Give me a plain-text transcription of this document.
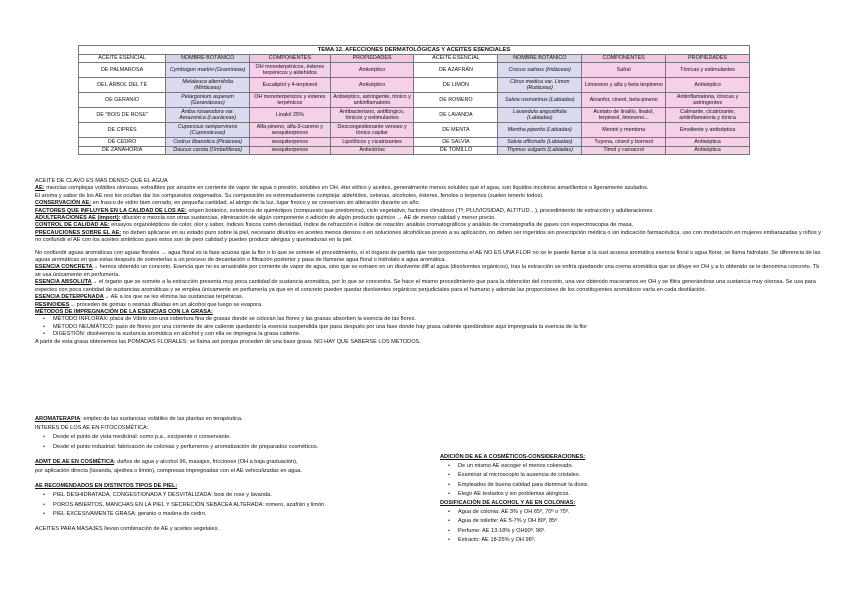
TEMA 12. AFECCIONES DERMATOLÓGICAS Y ACEITES ESENCIALES							
ACEITE ESENCIAL	NOMBRE BOTÁNICO	COMPONENTES	PROPIEDADES	ACEITE ESENCIAL	NOMBRE BOTÁNICO	COMPONENTES	PROPIEDADES
DE PALMAROSA	Cymbogon martini (Gramíneas)	OH monoterpénicos, ésteres terpénicos y aldehídos	Antiséptico	DE AZAFRÁN	Crocus sativus (Iridáceas)	Safral	Tónicas y estimulantes
DEL ÁRBOL DEL TÉ	Melaleuca alternifolia (Mirtáceas)	Eucaliptol y 4-terpineol	Antiséptico	DE LIMÓN	Citrus medica var. Limon (Rutáceas)	Limoneno y alfa y beta terpineno	Antiséptico
DE GERANIO	Pelargonium asperum (Geraniáceas)	OH monoterpénicos y ésteres terpénicos	Antiséptico, astringente, tónico y antiinflamatorio	DE ROMERO	Salvia rosmarinus (Labiadas)	Alcanfor, cineol, beta-pineno	Antiinflamatoria, tónicas y astringentes
DE "BOIS DE ROSE"	Aniba rosaeodora var. Amazonica (Lauráceas)	Linalol 25%	Antibacteriano, antifúngico, tónicos y estimulantes	DE LAVANDA	Lavandula angustifolia (Labiadas)	Acetato de linalilo, linalol, terpineol, limoneno...	Calmante, cicatrizante, antiinflamatoria y tónica
DE CIPRÉS	Cupressus sempervirens (Cupresáceas)	Alfa-pineno, alfa-3-careno y sesquiterpenos	Descongestionante venoso y tónico capilar	DE MENTA	Mentha piperita (Labiadas)	Mentol y mentona	Emoliente y antiséptica
DE CEDRO	Cedrus libanotica (Pináceas)	sesquiterpenos	Lipolíticos y cicatrizantes	DE SALVIA	Salvia officinalis (Labiadas)	Tuyona, cineol y borneol	Antiséptica
DE ZANAHORIA	Daucus carota (Umbelíferas)	sesquiterpenos	Antiestrías	DE TOMILLO	Thymus vulgaris (Labiadas)	Timol y carvacrol	Antiséptica

ACEITE DE CLAVO ES MÁS DENSO QUE EL AGUA

AE: mezclas complejas volátiles olorosas, extraíbles por arrastre en corriente de vapor de agua o presión, solubles en OH, éter etílico y aceites, generalmente menos solubles que el agua, son líquidos incoloros amarillentos o ligeramente azulados.

El aroma y sabor de los AE nos los ocultan dar los compuestos oxigenados. Su composición es extremadamente compleja: aldehídos, cetonas, alcoholes, ésteres, fenoles o terpenos (suelen tenerlo todos).

CONSERVACIÓN AE: en frasco de vidrio bien cerrado, en pequeña cantidad, al abrigo de la luz, lugar fresco y se conservan sin alteración durante un año.

FACTORES QUE INFLUYEN EN LA CALIDAD DE LOS AE: origen botánico, existencia de quimiotipos (compuesto que predomina), ciclo vegetativo, factores climáticos (Tª, PLUVIOSIDAD, ALTITUD…), procedimiento de extracción y adulteraciones.

ADULTERACIONES AE (import): dilución o mezcla con otras sustancias, eliminación de algún componente o adición de algún producto químico → AE de menor calidad y menor precio.

CONTROL DE CALIDAD AE: ensayos organolépticos de color, olor y sabor, índices físicos como densidad, índice de refracción e índice de rotación; análisis cromatográficos y análisis de cromatografía de gases con espectroscopia de masa.

PRECAUCIONES SOBRE EL AE: no deben aplicarse en su estado puro sobre la piel, necesario diluirlos en aceites menos densos o en soluciones alcohólicas previo a su aplicación, no deben ser ingeridos sin prescripción médica o sin indicación farmacéutica, uso con moderación en mujeres embarazadas y niños y no confundir el AE con los aceites sintéticos pues estos son de peor calidad y pueden producir alergias y quemaduras en la piel.

No confundir aguas aromáticas con aguas florales → agua floral es la fase acuosa que la flor o lo que se somete el procedimiento, si el órgano de partida que nos proporciona el AE NO ES UNA FLOR no se le puede llamar a la sust acuosa aromática esencia floral o agua florar, se llama hidrolato. Se diferencia de las aguas aromáticas en que estas después de someterlas a un proceso de decantación o filtración posterior y pasa de llamarse agua floral o hidrolato a agua aromática.

ESENCIA CONCRETA→ hemos obtenido un concreto. Esencia que no es arrastrable por corriente de vapor de agua, sino que se extraen en un disolvente diff al agua (disolventes orgánicos), tras la extracción se enfría quedando una crema aromática que se diluye en OH y a lo obtenido se le denomina concreto. Tb se usa únicamente en perfumería.

ESENCIA ABSOLUTA→ el órgano que se somete a la extracción presenta muy poca cantidad de sustancia aromática, por lo que se concentra. Se hace el mismo procedimiento que para la obtención del concreto, una vez obtenido maceramos en OH y se filtra generándose una sustancia muy olorosa. Se usa para especies con poca cantidad de sustancias aromáticas y se emplea únicamente en perfumería ya que en el concreto pueden quedar disolventes orgánicos perjudiciales para el humano y además las proporciones de los constituyentes aromáticos varía en cada destilación.

ESENCIA DETERPENADA→ AE a los que se les elimina las sustancias terpénicas.

RESINOIDES→ proceden de gomas o resinas diluidas en un alcohol que luego se evapora.

MÉTODOS DE IMPREGNACIÓN DE LA ESENCIAS CON LA GRASA:

• MÉTODO INFLORAX: placa de Vibrio con una cobertura fina de grasas donde se colocan las flores y las grasas absorben la esencia de las flores.
• MÉTODO NEUMÁTICO: paso de flores por una corriente de aire caliente quedando la esencia suspendida que pasa después por una fase donde hay grasa caliente quedándose aquí impregnada la esencia de la flor
• DIGESTIÓN: disolvemos la sustancia aromática en alcohol y con ella se impregna la grasa caliente.

A partir de esta grasa obtenemos las POMADAS FLORALES: se llama así porque proceden de una base grasa. NO HAY QUE SABERSE LOS MÉTODOS.

AROMATERAPIA: empleo de las sustancias volátiles de las plantas en terapéutica.

INTERES DE LOS AE EN FITOCOSMÉTICA:

• Desde el punto de vista medicinal: como p.a., excipiente o conservante.
• Desde el punto industrial: fabricación de colonias y perfumeros y aromatización de preparados cosméticos.

ADMT DE AE EN COSMÉTICA: daños de agua y alcohol 96, masajes, fricciones (OH a baja graduación),

por aplicación directa (lavanda, ajedrea o limón), compresas impregnadas con el AE vehiculizadas en agua.

AE RECOMENDADOS EN DISTINTOS TIPOS DE PIEL:

• PIEL DESHIDRATADA, CONGESTIONADA Y DESVITALIZADA: bois de rose y lavanda.
• POROS ABIERTOS, MANCHAS EN LA PIEL Y SECRECIÓN SEBÁCEA ALTERADA: romero, azafrán y limón.
• PIEL EXCESIVAMENTE GRASA: geranio o madera de cedro.

ACEITES PARA MASAJES llevan combinación de AE y aceites vegetales.

ADICIÓN DE AE A COSMÉTICOS-CONSIDERACIONES:

• De un mismo AE escoger el menos coloreado.
• Examinar al microscopio la ausencia de cristales.
• Empleados de buena calidad para disminuir la dosis.
• Elegir AE testados y sin problemas alérgicos.

DOSIFICACIÓN DE ALCOHOL Y AE EN COLONIAS:

• Agua de colonia: AE 3% y OH 65º, 70º o 75º.
• Agua de toilette: AE 5-7% y OH 80º, 85º.
• Perfume: AE 13-18% y OH90º, 96º.
• Extracto: AE 18-25% y OH 96º.
